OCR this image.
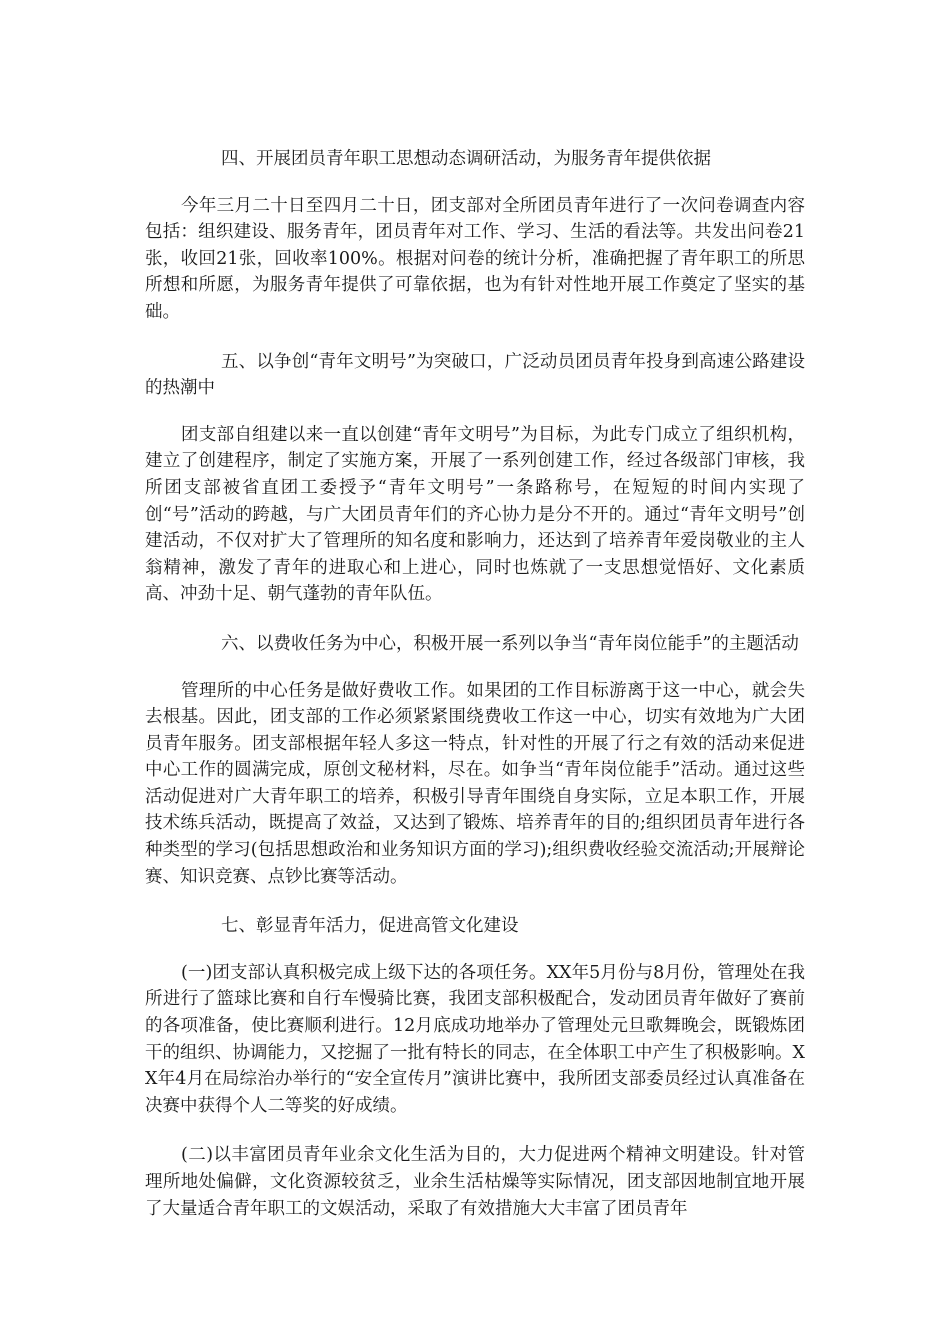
四、开展团员青年职工思想动态调研活动，为服务青年提供依据

今年三月二十日至四月二十日，团支部对全所团员青年进行了一次问卷调查内容包括：组织建设、服务青年，团员青年对工作、学习、生活的看法等。共发出问卷21张，收回21张，回收率100%。根据对问卷的统计分析，准确把握了青年职工的所思所想和所愿，为服务青年提供了可靠依据，也为有针对性地开展工作奠定了坚实的基础。

五、以争创“青年文明号”为突破口，广泛动员团员青年投身到高速公路建设的热潮中

团支部自组建以来一直以创建“青年文明号”为目标，为此专门成立了组织机构，建立了创建程序，制定了实施方案，开展了一系列创建工作，经过各级部门审核，我所团支部被省直团工委授予“青年文明号”一条路称号，在短短的时间内实现了创“号”活动的跨越，与广大团员青年们的齐心协力是分不开的。通过“青年文明号”创建活动，不仅对扩大了管理所的知名度和影响力，还达到了培养青年爱岗敬业的主人翁精神，激发了青年的进取心和上进心，同时也炼就了一支思想觉悟好、文化素质高、冲劲十足、朝气蓬勃的青年队伍。

六、以费收任务为中心，积极开展一系列以争当“青年岗位能手”的主题活动

管理所的中心任务是做好费收工作。如果团的工作目标游离于这一中心，就会失去根基。因此，团支部的工作必须紧紧围绕费收工作这一中心，切实有效地为广大团员青年服务。团支部根据年轻人多这一特点，针对性的开展了行之有效的活动来促进中心工作的圆满完成，原创文秘材料，尽在。如争当“青年岗位能手”活动。通过这些活动促进对广大青年职工的培养，积极引导青年围绕自身实际，立足本职工作，开展技术练兵活动，既提高了效益，又达到了锻炼、培养青年的目的;组织团员青年进行各种类型的学习(包括思想政治和业务知识方面的学习);组织费收经验交流活动;开展辩论赛、知识竞赛、点钞比赛等活动。

七、彰显青年活力，促进高管文化建设

(一)团支部认真积极完成上级下达的各项任务。XX年5月份与8月份，管理处在我所进行了篮球比赛和自行车慢骑比赛，我团支部积极配合，发动团员青年做好了赛前的各项准备，使比赛顺利进行。12月底成功地举办了管理处元旦歌舞晚会，既锻炼团干的组织、协调能力，又挖掘了一批有特长的同志，在全体职工中产生了积极影响。XX年4月在局综治办举行的“安全宣传月”演讲比赛中，我所团支部委员经过认真准备在决赛中获得个人二等奖的好成绩。

(二)以丰富团员青年业余文化生活为目的，大力促进两个精神文明建设。针对管理所地处偏僻，文化资源较贫乏，业余生活枯燥等实际情况，团支部因地制宜地开展了大量适合青年职工的文娱活动，采取了有效措施大大丰富了团员青年
